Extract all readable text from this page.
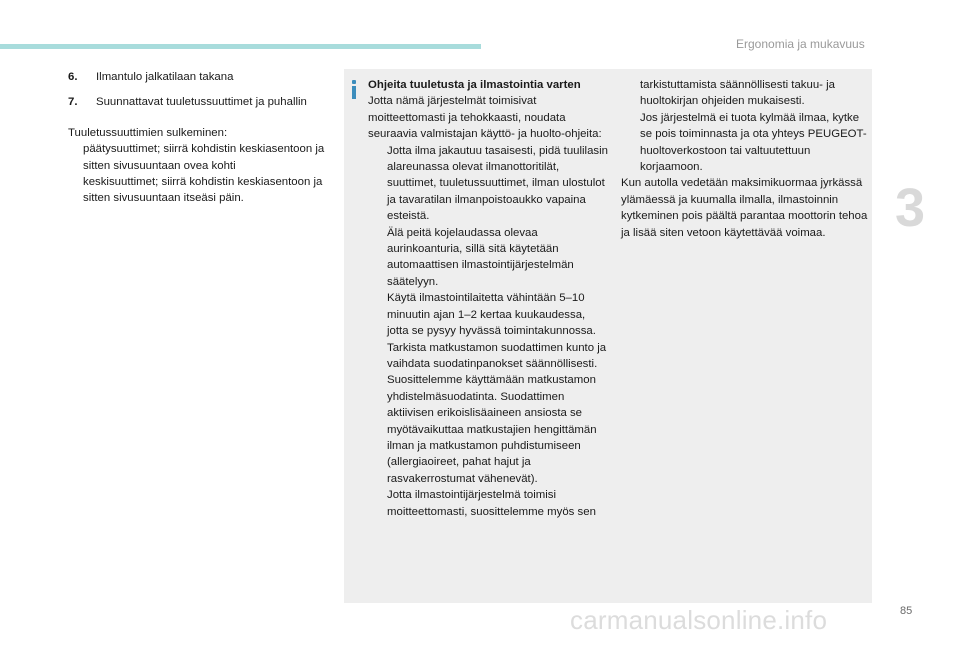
Ergonomia ja mukavuus
3
6.	Ilmantulo jalkatilaan takana
7.	Suunnattavat tuuletussuuttimet ja puhallin
Tuuletussuuttimien sulkeminen:
päätysuuttimet; siirrä kohdistin keskiasentoon ja sitten sivusuuntaan ovea kohti
keskisuuttimet; siirrä kohdistin keskiasentoon ja sitten sivusuuntaan itseäsi päin.
Ohjeita tuuletusta ja ilmastointia varten
Jotta nämä järjestelmät toimisivat moitteettomasti ja tehokkaasti, noudata seuraavia valmistajan käyttö- ja huolto-ohjeita:
Jotta ilma jakautuu tasaisesti, pidä tuulilasin alareunassa olevat ilmanottoritilät, suuttimet, tuuletussuuttimet, ilman ulostulot ja tavaratilan ilmanpoistoaukko vapaina esteistä.
Älä peitä kojelaudassa olevaa aurinkoanturia, sillä sitä käytetään automaattisen ilmastointijärjestelmän säätelyyn.
Käytä ilmastointilaitetta vähintään 5–10 minuutin ajan 1–2 kertaa kuukaudessa, jotta se pysyy hyvässä toimintakunnossa.
Tarkista matkustamon suodattimen kunto ja vaihdata suodatinpanokset säännöllisesti. Suosittelemme käyttämään matkustamon yhdistelmäsuodatinta. Suodattimen aktiivisen erikoislisäaineen ansiosta se myötävaikuttaa matkustajien hengittämän ilman ja matkustamon puhdistumiseen (allergiaoireet, pahat hajut ja rasvakerrostumat vähenevät).
Jotta ilmastointijärjestelmä toimisi moitteettomasti, suosittelemme myös sen
tarkistuttamista säännöllisesti takuu- ja huoltokirjan ohjeiden mukaisesti.
Jos järjestelmä ei tuota kylmää ilmaa, kytke se pois toiminnasta ja ota yhteys PEUGEOT-huoltoverkostoon tai valtuutettuun korjaamoon.
Kun autolla vedetään maksimikuormaa jyrkässä ylämäessä ja kuumalla ilmalla, ilmastoinnin kytkeminen pois päältä parantaa moottorin tehoa ja lisää siten vetoon käytettävää voimaa.
85
carmanualsonline.info
